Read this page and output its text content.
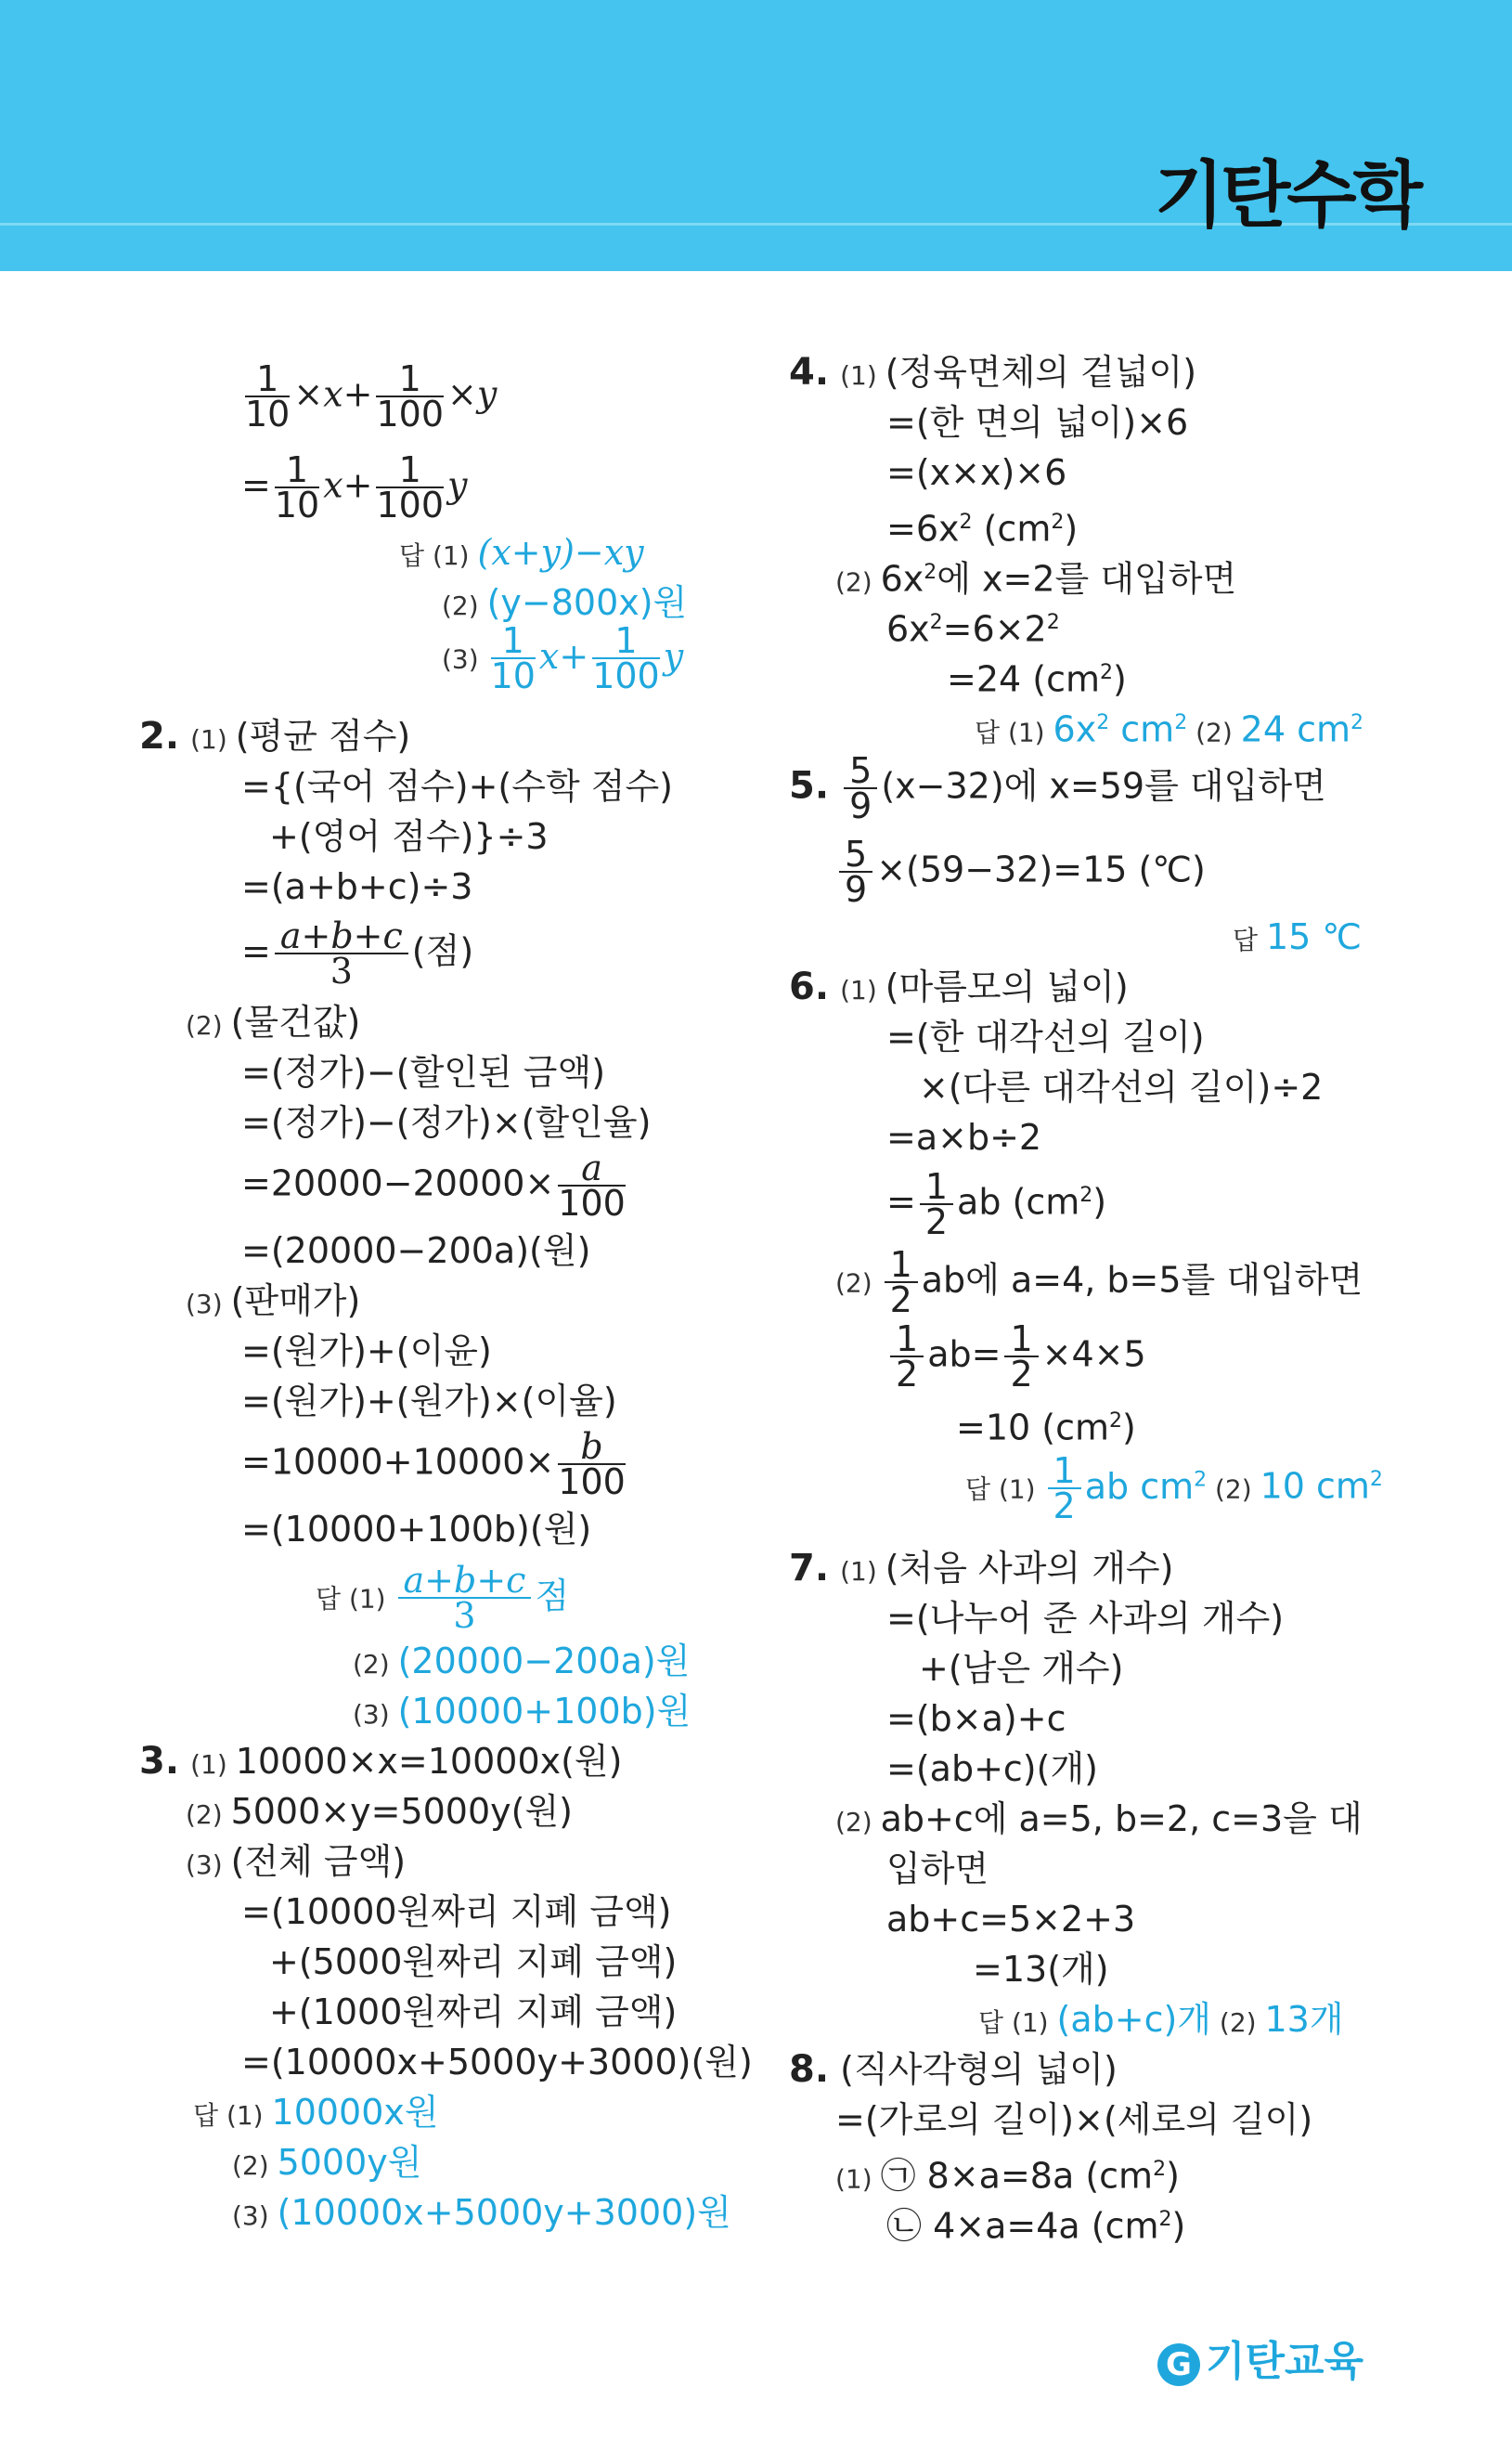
기탄수학
$\frac{1}{10} \times x+ \frac{1}{100} \times y$
= $\frac{1}{10} x+ \frac{1}{100}$ y
답 (1) (x+y)−xy
(2) (y−800x)원
$(3) \frac{1}{10} x+ \frac{1}{100}$ y
2. (1) (평균 점수)
={(국어 점수)+(수학 점수)
+(영어 점수)}÷3
=(a+b+c)÷3
= $\frac{a+b+c}{3}$ (점)
(2) (물건값)
=(정가)−(할인된 금액)
=(정가)−(정가)×(할인율)
$=20000-20000\times \frac{a}{100}$
=(20000−200a)(원)
(3) (판매가)
=(원가)+(이윤)
=(원가)+(원가)×(이율)
$=10000+10000\times \frac{b}{100}$
=(10000+100b)(원)
답 $(1) \frac{a+b+c}{3}$ 점
(2) (20000−200a)원
(3) (10000+100b)원
3. (1) 10000×x=10000x(원)
(2) 5000×y=5000y(원)
(3) (전체 금액)
=(10000원짜리 지폐 금액)
+(5000원짜리 지폐 금액)
+(1000원짜리 지폐 금액)
=(10000x+5000y+3000)(원)
답 (1) 10000x원
(2) 5000y원
(3) (10000x+5000y+3000)원
4. (1) (정육면체의 겉넓이)
=(한 면의 넓이)×6
=(x×x)×6
$=6x^2$ $(cm^2)$
(2) $6x^2$에 x=2를 대입하면
$6x^2=6\times 2^2$
=24 $(cm^2)$
답 (1) $6x^2$ $cm^2$ (2) 24 $cm^2$
5. $\frac{5}{9} (x-32)$에 x=59를 대입하면
$\frac{5}{9} \times(59-32)=15$ (℃)
답 15 ℃
6. (1) (마름모의 넓이)
=(한 대각선의 길이)
×(다른 대각선의 길이)÷2
=a×b÷2
= $\frac{1}{2}$ ab $(cm^2)$
$(2) \frac{1}{2}$ ab에 a=4, b=5를 대입하면
$\frac{1}{2} ab= \frac{1}{2} \times 4\times 5$
=10 $(cm^2)$
답 $(1) \frac{1}{2}$ ab $cm^2$ (2) 10 $cm^2$
7. (1) (처음 사과의 개수)
=(나누어 준 사과의 개수)
+(남은 개수)
=(b×a)+c
=(ab+c)(개)
(2) ab+c에 a=5, b=2, c=3을 대
입하면
ab+c=5×2+3
=13(개)
답 (1) (ab+c)개 (2) 13개
8. (직사각형의 넓이)
=(가로의 길이)×(세로의 길이)
(1) ㉠ 8×a=8a $(cm^2)$
㉡ 4×a=4a $(cm^2)$
G 기탄교육
